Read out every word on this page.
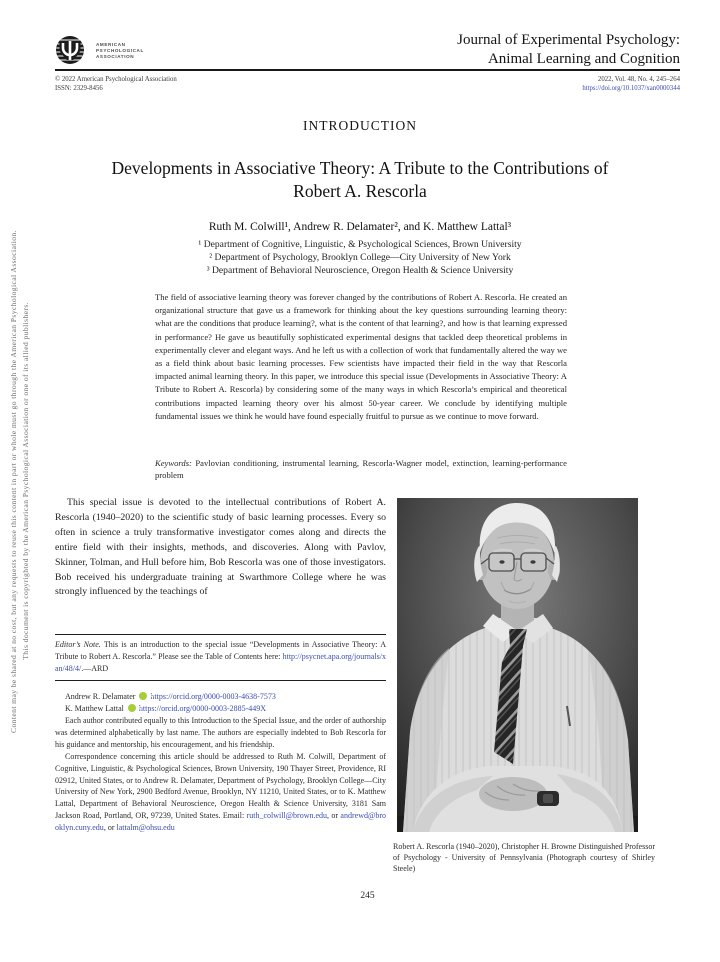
Content may be shared at no cost, but any requests to reuse this content in part or whole must go through the American Psychological Association. This document is copyrighted by the American Psychological Association or one of its allied publishers.
AMERICAN
PSYCHOLOGICAL
ASSOCIATION
Journal of Experimental Psychology:
Animal Learning and Cognition
© 2022 American Psychological Association
ISSN: 2329-8456
2022, Vol. 48, No. 4, 245–264
https://doi.org/10.1037/xan0000344
INTRODUCTION
Developments in Associative Theory: A Tribute to the Contributions of
Robert A. Rescorla
Ruth M. Colwill¹, Andrew R. Delamater², and K. Matthew Lattal³
¹ Department of Cognitive, Linguistic, & Psychological Sciences, Brown University
² Department of Psychology, Brooklyn College—City University of New York
³ Department of Behavioral Neuroscience, Oregon Health & Science University
The field of associative learning theory was forever changed by the contributions of Robert A. Rescorla. He created an organizational structure that gave us a framework for thinking about the key questions surrounding learning theory: what are the conditions that produce learning?, what is the content of that learning?, and how is that learning expressed in performance? He gave us beautifully sophisticated experimental designs that tackled deep theoretical problems in experimentally clever and elegant ways. And he left us with a collection of work that fundamentally altered the way we as a field think about basic learning processes. Few scientists have impacted their field in the way that Rescorla impacted animal learning theory. In this paper, we introduce this special issue (Developments in Associative Theory: A Tribute to Robert A. Rescorla) by considering some of the many ways in which Rescorla’s empirical and theoretical contributions impacted learning theory over his almost 50-year career. We conclude by identifying multiple fundamental issues we think he would have found especially fruitful to pursue as we continue to move forward.
Keywords: Pavlovian conditioning, instrumental learning, Rescorla-Wagner model, extinction, learning-performance problem

This special issue is devoted to the intellectual contributions of Robert A. Rescorla (1940–2020) to the scientific study of basic learning processes. Every so often in science a truly transformative investigator comes along and directs the entire field with their insights, methods, and discoveries. Along with Pavlov, Skinner, Tolman, and Hull before him, Bob Rescorla was one of those investigators. Bob received his undergraduate training at Swarthmore College where he was strongly influenced by the teachings of

Editor’s Note. This is an introduction to the special issue “Developments in Associative Theory: A Tribute to Robert A. Rescorla.” Please see the Table of Contents here: http://psycnet.apa.org/journals/xan/48/4/.—ARD
Andrew R. Delamater iD https://orcid.org/0000-0003-4638-7573
K. Matthew Lattal iD https://orcid.org/0000-0003-2885-449X

Each author contributed equally to this Introduction to the Special Issue, and the order of authorship was determined alphabetically by last name. The authors are especially indebted to Bob Rescorla for his guidance and mentorship, his encouragement, and his friendship.

Correspondence concerning this article should be addressed to Ruth M. Colwill, Department of Cognitive, Linguistic, & Psychological Sciences, Brown University, 190 Thayer Street, Providence, RI 02912, United States, or to Andrew R. Delamater, Department of Psychology, Brooklyn College—City University of New York, 2900 Bedford Avenue, Brooklyn, NY 11210, United States, or to K. Matthew Lattal, Department of Behavioral Neuroscience, Oregon Health & Science University, 3181 Sam Jackson Road, Portland, OR, 97239, United States. Email: ruth_colwill@brown.edu, or andrewd@brooklyn.cuny.edu, or lattalm@ohsu.edu

Robert A. Rescorla (1940–2020), Christopher H. Browne Distinguished Professor of Psychology - University of Pennsylvania (Photograph courtesy of Shirley Steele)
245
